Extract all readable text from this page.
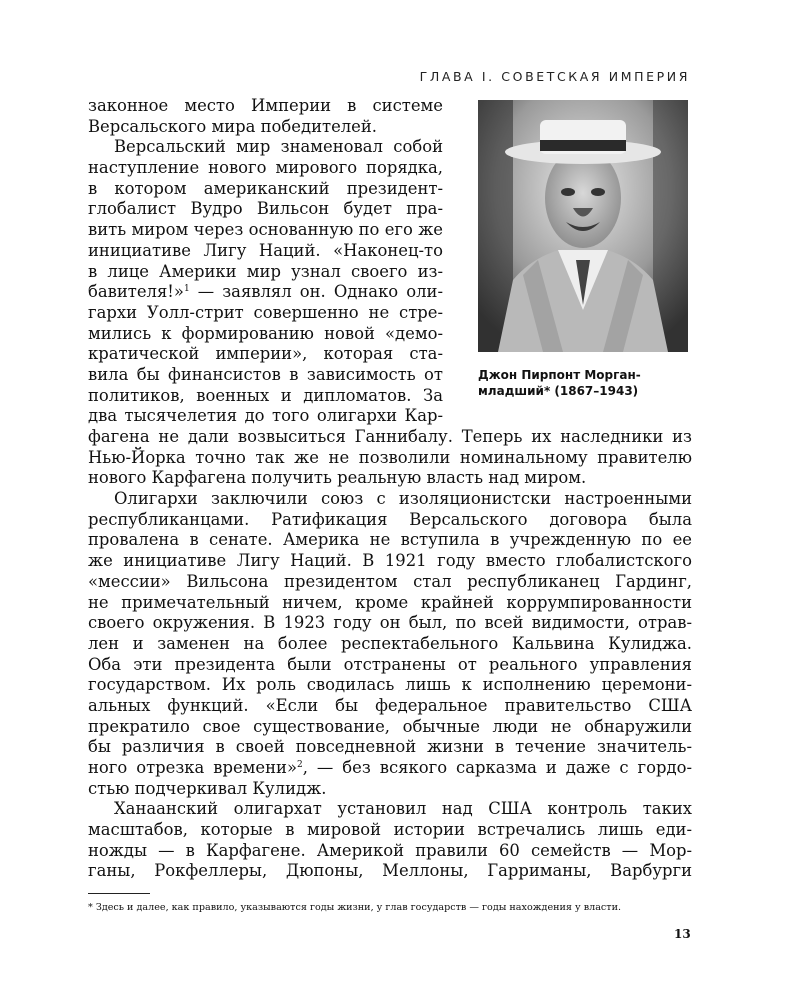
ГЛАВА I. СОВЕТСКАЯ ИМПЕРИЯ
Джон Пирпонт Морган-младший* (1867–1943)
законное место Империи в системе
Версальского мира победителей.
Версальский мир знаменовал собой
наступление нового мирового порядка,
в котором американский президент-
глобалист Вудро Вильсон будет пра-
вить миром через основанную по его же
инициативе Лигу Наций. «Наконец-то
в лице Америки мир узнал своего из-
бавителя!»$^1$ — заявлял он. Однако оли-
гархи Уолл-стрит совершенно не стре-
мились к формированию новой «демо-
кратической империи», которая ста-
вила бы финансистов в зависимость от
политиков, военных и дипломатов. За
два тысячелетия до того олигархи Кар-
фагена не дали возвыситься Ганнибалу. Теперь их наследники из
Нью-Йорка точно так же не позволили номинальному правителю
нового Карфагена получить реальную власть над миром.
Олигархи заключили союз с изоляционистски настроенными
республиканцами. Ратификация Версальского договора была
провалена в сенате. Америка не вступила в учрежденную по ее
же инициативе Лигу Наций. В 1921 году вместо глобалистского
«мессии» Вильсона президентом стал республиканец Гардинг,
не примечательный ничем, кроме крайней коррумпированности
своего окружения. В 1923 году он был, по всей видимости, отрав-
лен и заменен на более респектабельного Кальвина Кулиджа.
Оба эти президента были отстранены от реального управления
государством. Их роль сводилась лишь к исполнению церемони-
альных функций. «Если бы федеральное правительство США
прекратило свое существование, обычные люди не обнаружили
бы различия в своей повседневной жизни в течение значитель-
ного отрезка времени»$^2$, — без всякого сарказма и даже с гордо-
стью подчеркивал Кулидж.
Ханаанский олигархат установил над США контроль таких
масштабов, которые в мировой истории встречались лишь еди-
ножды — в Карфагене. Америкой правили 60 семейств — Мор-
ганы, Рокфеллеры, Дюпоны, Меллоны, Гарриманы, Варбурги
* Здесь и далее, как правило, указываются годы жизни, у глав государств — годы нахождения у власти.
13
